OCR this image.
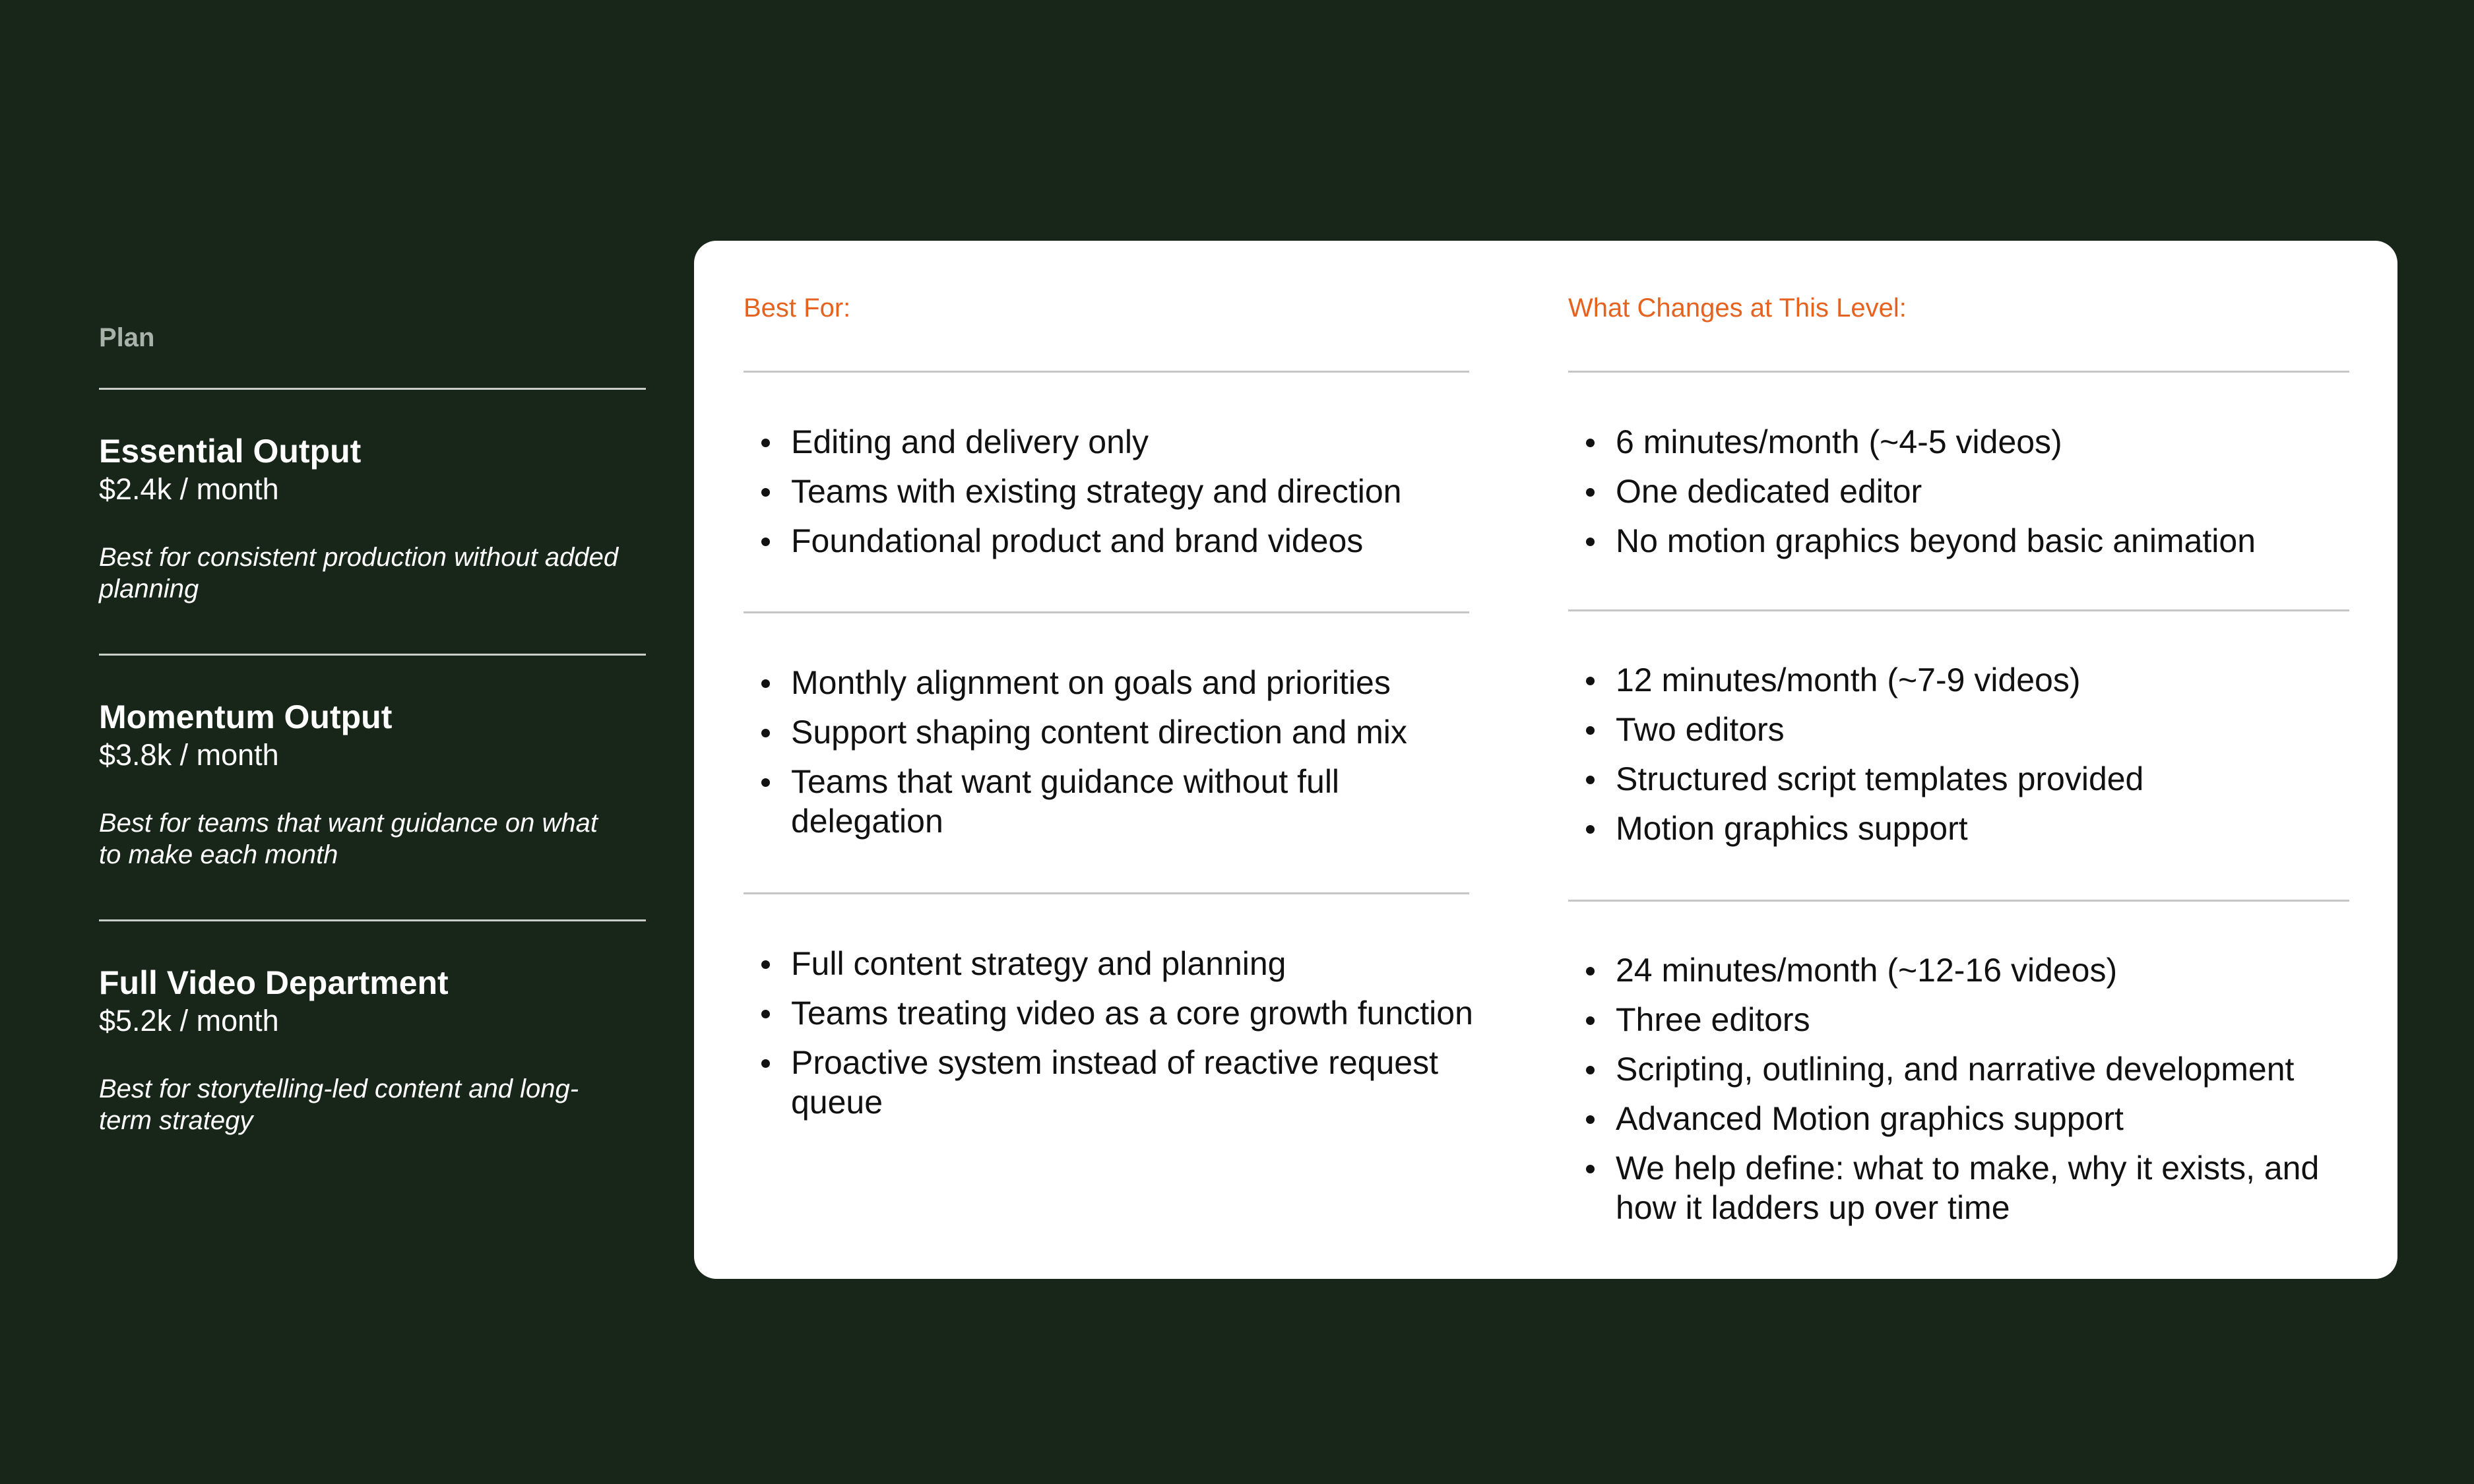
Plan
Essential Output
$2.4k / month
Best for consistent production without added planning
Momentum Output
$3.8k / month
Best for teams that want guidance on what to make each month
Full Video Department
$5.2k / month
Best for storytelling-led content and long-term strategy
Best For:	What Changes at This Level:
Editing and delivery only
Teams with existing strategy and direction
Foundational product and brand videos
6 minutes/month (~4-5 videos)
One dedicated editor
No motion graphics beyond basic animation
Monthly alignment on goals and priorities
Support shaping content direction and mix
Teams that want guidance without full delegation
12 minutes/month (~7-9 videos)
Two editors
Structured script templates provided
Motion graphics support
Full content strategy and planning
Teams treating video as a core growth function
Proactive system instead of reactive request queue
24 minutes/month (~12-16 videos)
Three editors
Scripting, outlining, and narrative development
Advanced Motion graphics support
We help define: what to make, why it exists, and how it ladders up over time
